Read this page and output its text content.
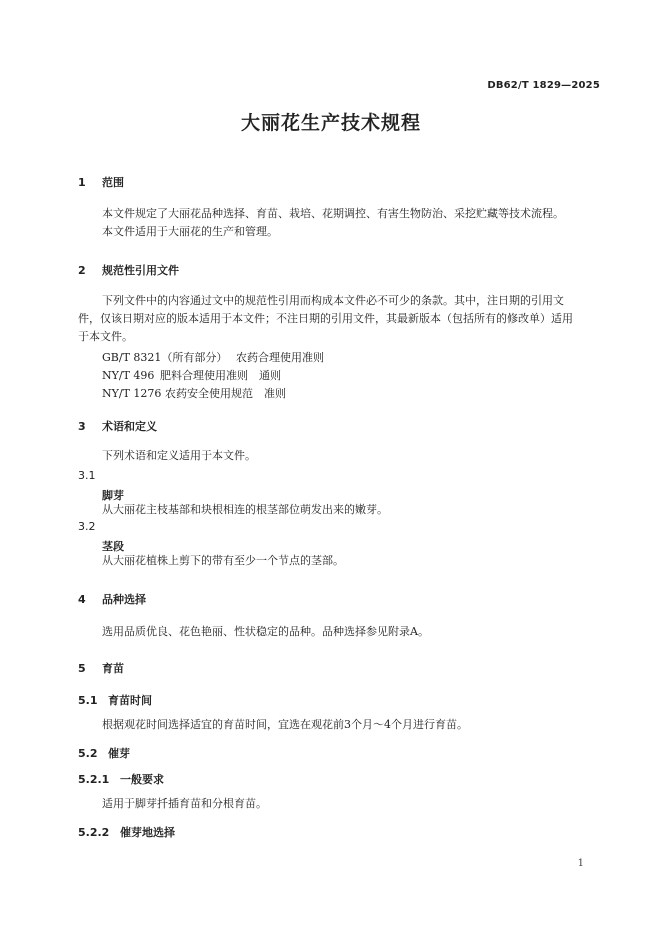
DB62/T 1829—2025
大丽花生产技术规程
1 范围
本文件规定了大丽花品种选择、育苗、栽培、花期调控、有害生物防治、采挖贮藏等技术流程。
本文件适用于大丽花的生产和管理。
2 规范性引用文件
下列文件中的内容通过文中的规范性引用而构成本文件必不可少的条款。其中，注日期的引用文件，仅该日期对应的版本适用于本文件；不注日期的引用文件，其最新版本（包括所有的修改单）适用于本文件。
GB/T 8321（所有部分） 农药合理使用准则
NY/T 496 肥料合理使用准则　通则
NY/T 1276 农药安全使用规范　准则
3 术语和定义
下列术语和定义适用于本文件。
3.1
脚芽
从大丽花主枝基部和块根相连的根茎部位萌发出来的嫩芽。
3.2
茎段
从大丽花植株上剪下的带有至少一个节点的茎部。
4 品种选择
选用品质优良、花色艳丽、性状稳定的品种。品种选择参见附录A。
5 育苗
5.1 育苗时间
根据观花时间选择适宜的育苗时间，宜选在观花前3个月～4个月进行育苗。
5.2 催芽
5.2.1 一般要求
适用于脚芽扦插育苗和分根育苗。
5.2.2 催芽地选择
1
